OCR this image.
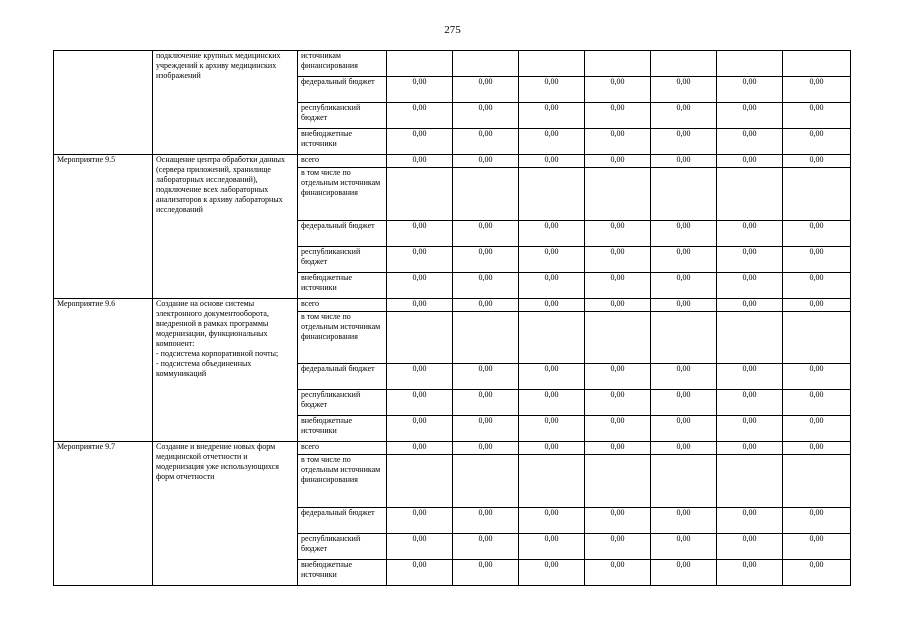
275
	подключение крупных медицинских учреждений к архиву медицинских изображений	источникам финансирования							
		федеральный бюджет	0,00	0,00	0,00	0,00	0,00	0,00	0,00
		республиканский бюджет	0,00	0,00	0,00	0,00	0,00	0,00	0,00
		внебюджетные источники	0,00	0,00	0,00	0,00	0,00	0,00	0,00
Мероприятие 9.5	Оснащение центра обработки данных (сервера приложений, хранилище лабораторных исследований), подключение всех лабораторных анализаторов к архиву лабораторных исследований	всего	0,00	0,00	0,00	0,00	0,00	0,00	0,00
		в том числе по отдельным источникам финансирования							
		федеральный бюджет	0,00	0,00	0,00	0,00	0,00	0,00	0,00
		республиканский бюджет	0,00	0,00	0,00	0,00	0,00	0,00	0,00
		внебюджетные источники	0,00	0,00	0,00	0,00	0,00	0,00	0,00
Мероприятие 9.6	Создание на основе системы электронного документооборота, внедренной в рамках программы модернизации, функциональных компонент:
- подсистема корпоративной почты;
- подсистема объединенных коммуникаций	всего	0,00	0,00	0,00	0,00	0,00	0,00	0,00
		в том числе по отдельным источникам финансирования							
		федеральный бюджет	0,00	0,00	0,00	0,00	0,00	0,00	0,00
		республиканский бюджет	0,00	0,00	0,00	0,00	0,00	0,00	0,00
		внебюджетные источники	0,00	0,00	0,00	0,00	0,00	0,00	0,00
Мероприятие 9.7	Создание и внедрение новых форм медицинской отчетности и модернизация уже использующихся форм отчетности	всего	0,00	0,00	0,00	0,00	0,00	0,00	0,00
		в том числе по отдельным источникам финансирования							
		федеральный бюджет	0,00	0,00	0,00	0,00	0,00	0,00	0,00
		республиканский бюджет	0,00	0,00	0,00	0,00	0,00	0,00	0,00
		внебюджетные источники	0,00	0,00	0,00	0,00	0,00	0,00	0,00
